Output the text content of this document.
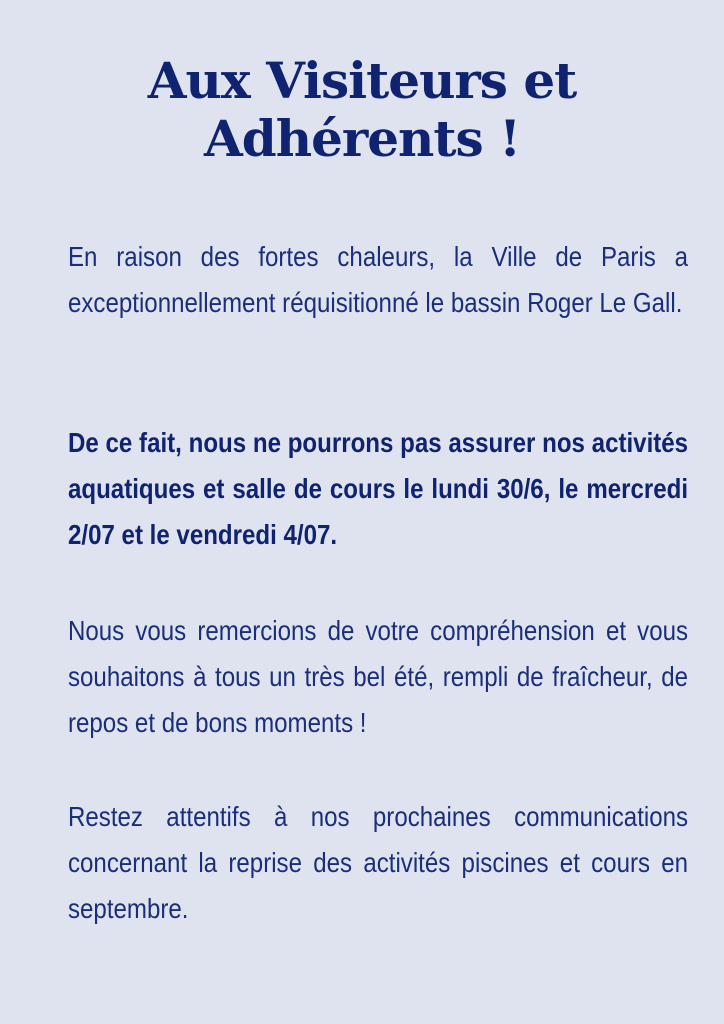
Aux Visiteurs et Adhérents !

En raison des fortes chaleurs, la Ville de Paris a exceptionnellement réquisitionné le bassin Roger Le Gall.

De ce fait, nous ne pourrons pas assurer nos activités aquatiques et salle de cours le lundi 30/6, le mercredi 2/07 et le vendredi 4/07.

Nous vous remercions de votre compréhension et vous souhaitons à tous un très bel été, rempli de fraîcheur, de repos et de bons moments !

Restez attentifs à nos prochaines communications concernant la reprise des activités piscines et cours en septembre.
